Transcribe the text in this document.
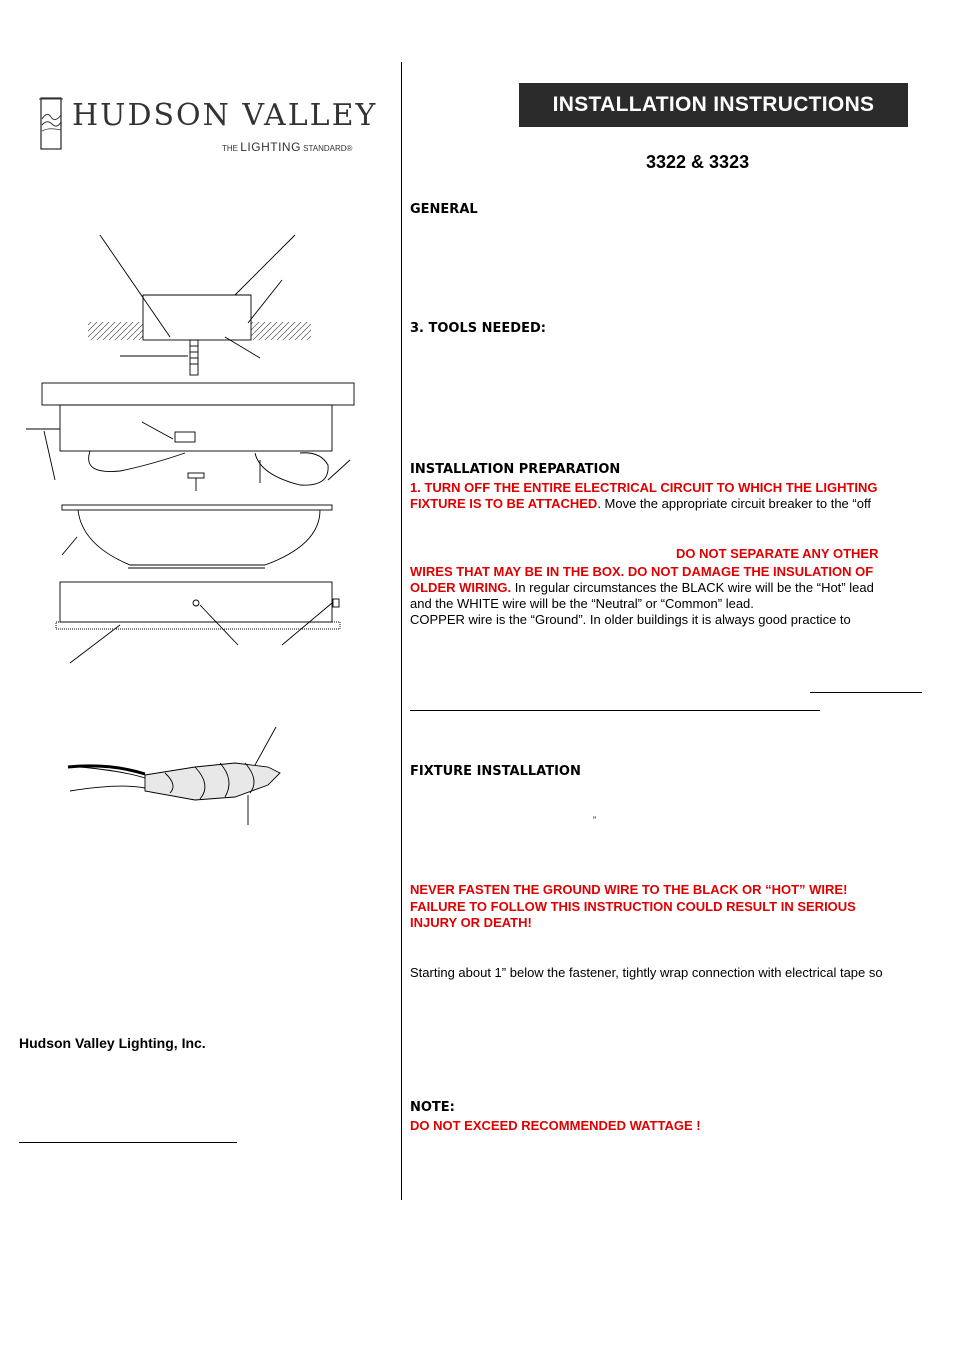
HUDSON VALLEY
THE LIGHTING STANDARD®
INSTALLATION INSTRUCTIONS
3322 & 3323
GENERAL
3. TOOLS NEEDED:
INSTALLATION PREPARATION
1. TURN OFF THE ENTIRE ELECTRICAL CIRCUIT TO WHICH THE LIGHTING
FIXTURE IS TO BE ATTACHED. Move the appropriate circuit breaker to the “off
DO NOT SEPARATE ANY OTHER
WIRES THAT MAY BE IN THE BOX. DO NOT DAMAGE THE INSULATION OF
OLDER WIRING. In regular circumstances the BLACK wire will be the “Hot” lead
and the WHITE wire will be the “Neutral” or “Common” lead.
COPPER wire is the “Ground”. In older buildings it is always good practice to
FIXTURE INSTALLATION
”
NEVER FASTEN THE GROUND WIRE TO THE BLACK OR “HOT” WIRE!
FAILURE TO FOLLOW THIS INSTRUCTION COULD RESULT IN SERIOUS
INJURY OR DEATH!
Starting about 1” below the fastener, tightly wrap connection with electrical tape so
NOTE:
DO NOT EXCEED RECOMMENDED WATTAGE !
Hudson Valley Lighting, Inc.
